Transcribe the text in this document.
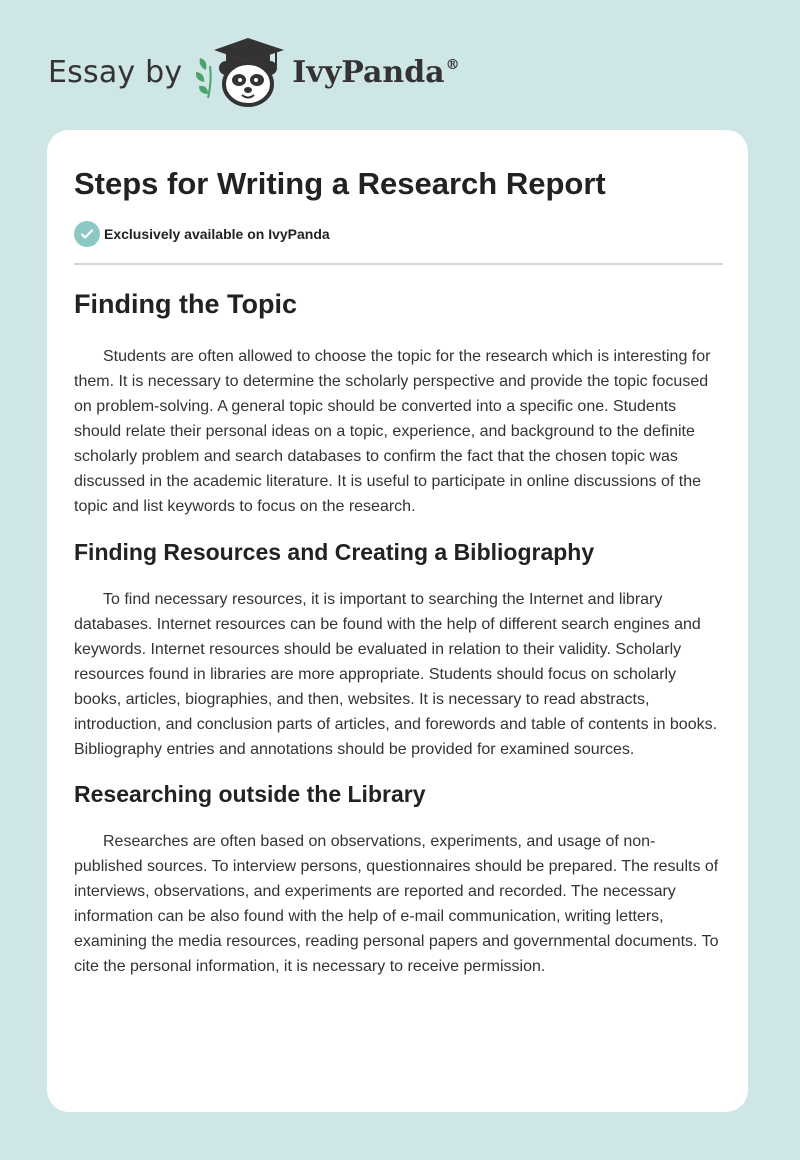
Essay by	IvyPanda®
Steps for Writing a Research Report
Exclusively available on IvyPanda
Finding the Topic

Students are often allowed to choose the topic for the research which is interesting for them. It is necessary to determine the scholarly perspective and provide the topic focused on problem-solving. A general topic should be converted into a specific one. Students should relate their personal ideas on a topic, experience, and background to the definite scholarly problem and search databases to confirm the fact that the chosen topic was discussed in the academic literature. It is useful to participate in online discussions of the topic and list keywords to focus on the research.

Finding Resources and Creating a Bibliography

To find necessary resources, it is important to searching the Internet and library databases. Internet resources can be found with the help of different search engines and keywords. Internet resources should be evaluated in relation to their validity. Scholarly resources found in libraries are more appropriate. Students should focus on scholarly books, articles, biographies, and then, websites. It is necessary to read abstracts, introduction, and conclusion parts of articles, and forewords and table of contents in books. Bibliography entries and annotations should be provided for examined sources.

Researching outside the Library

Researches are often based on observations, experiments, and usage of non-published sources. To interview persons, questionnaires should be prepared. The results of interviews, observations, and experiments are reported and recorded. The necessary information can be also found with the help of e-mail communication, writing letters, examining the media resources, reading personal papers and governmental documents. To cite the personal information, it is necessary to receive permission.
